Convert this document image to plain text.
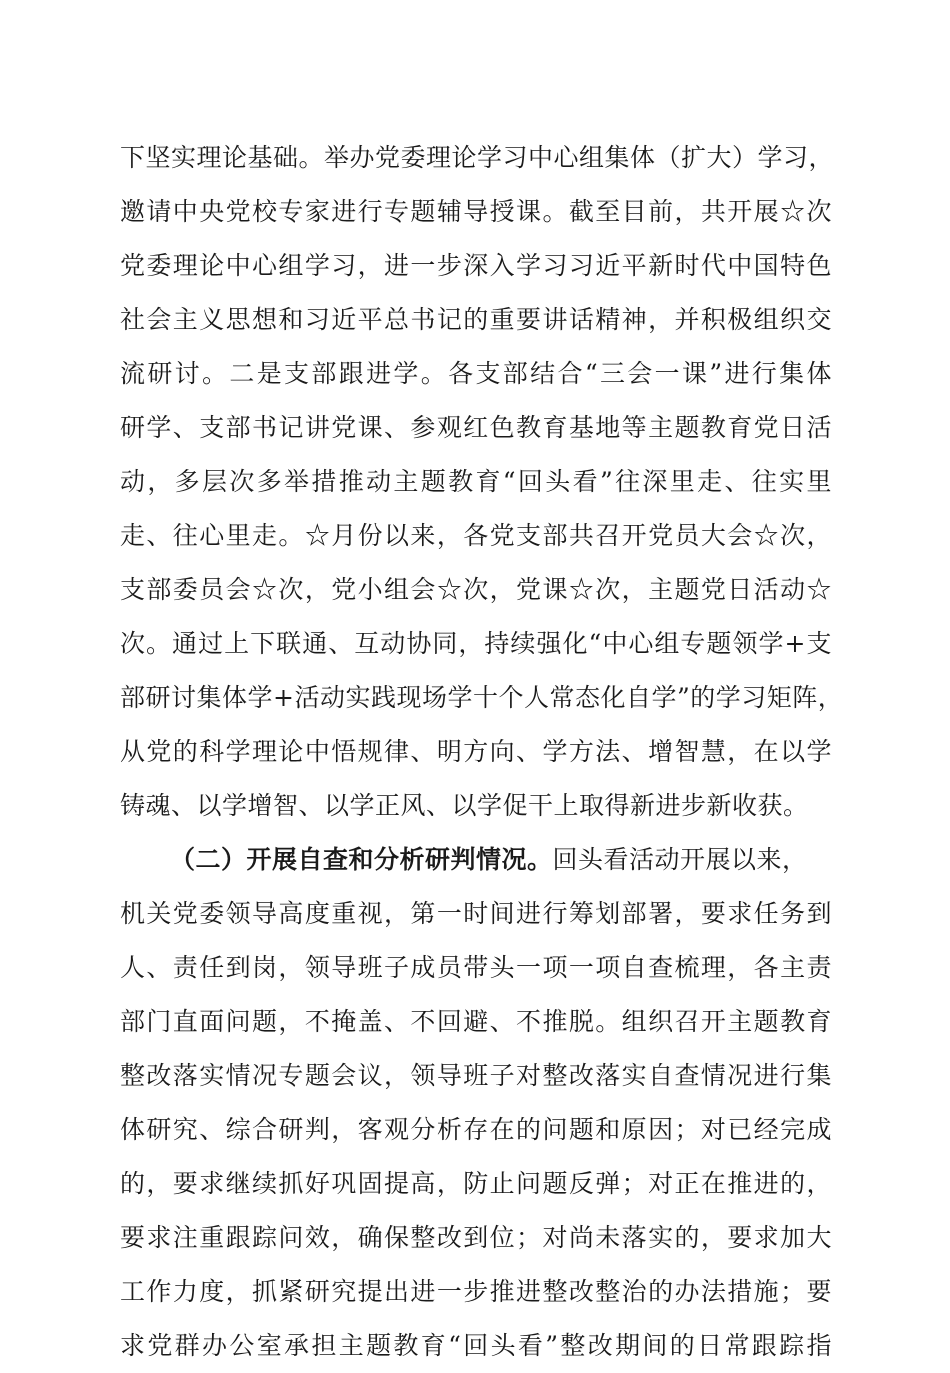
下坚实理论基础。举办党委理论学习中心组集体（扩大）学习，
邀请中央党校专家进行专题辅导授课。截至目前，共开展☆次
党委理论中心组学习，进一步深入学习习近平新时代中国特色
社会主义思想和习近平总书记的重要讲话精神，并积极组织交
流研讨。二是支部跟进学。各支部结合“三会一课”进行集体
研学、支部书记讲党课、参观红色教育基地等主题教育党日活
动，多层次多举措推动主题教育“回头看”往深里走、往实里
走、往心里走。☆月份以来，各党支部共召开党员大会☆次，
支部委员会☆次，党小组会☆次，党课☆次，主题党日活动☆
次。通过上下联通、互动协同，持续强化“中心组专题领学+支
部研讨集体学+活动实践现场学十个人常态化自学”的学习矩阵，
从党的科学理论中悟规律、明方向、学方法、增智慧，在以学
铸魂、以学增智、以学正风、以学促干上取得新进步新收获。
（二）开展自查和分析研判情况。回头看活动开展以来，
机关党委领导高度重视，第一时间进行筹划部署，要求任务到
人、责任到岗，领导班子成员带头一项一项自查梳理，各主责
部门直面问题，不掩盖、不回避、不推脱。组织召开主题教育
整改落实情况专题会议，领导班子对整改落实自查情况进行集
体研究、综合研判，客观分析存在的问题和原因；对已经完成
的，要求继续抓好巩固提高，防止问题反弹；对正在推进的，
要求注重跟踪问效，确保整改到位；对尚未落实的，要求加大
工作力度，抓紧研究提出进一步推进整改整治的办法措施；要
求党群办公室承担主题教育“回头看”整改期间的日常跟踪指
